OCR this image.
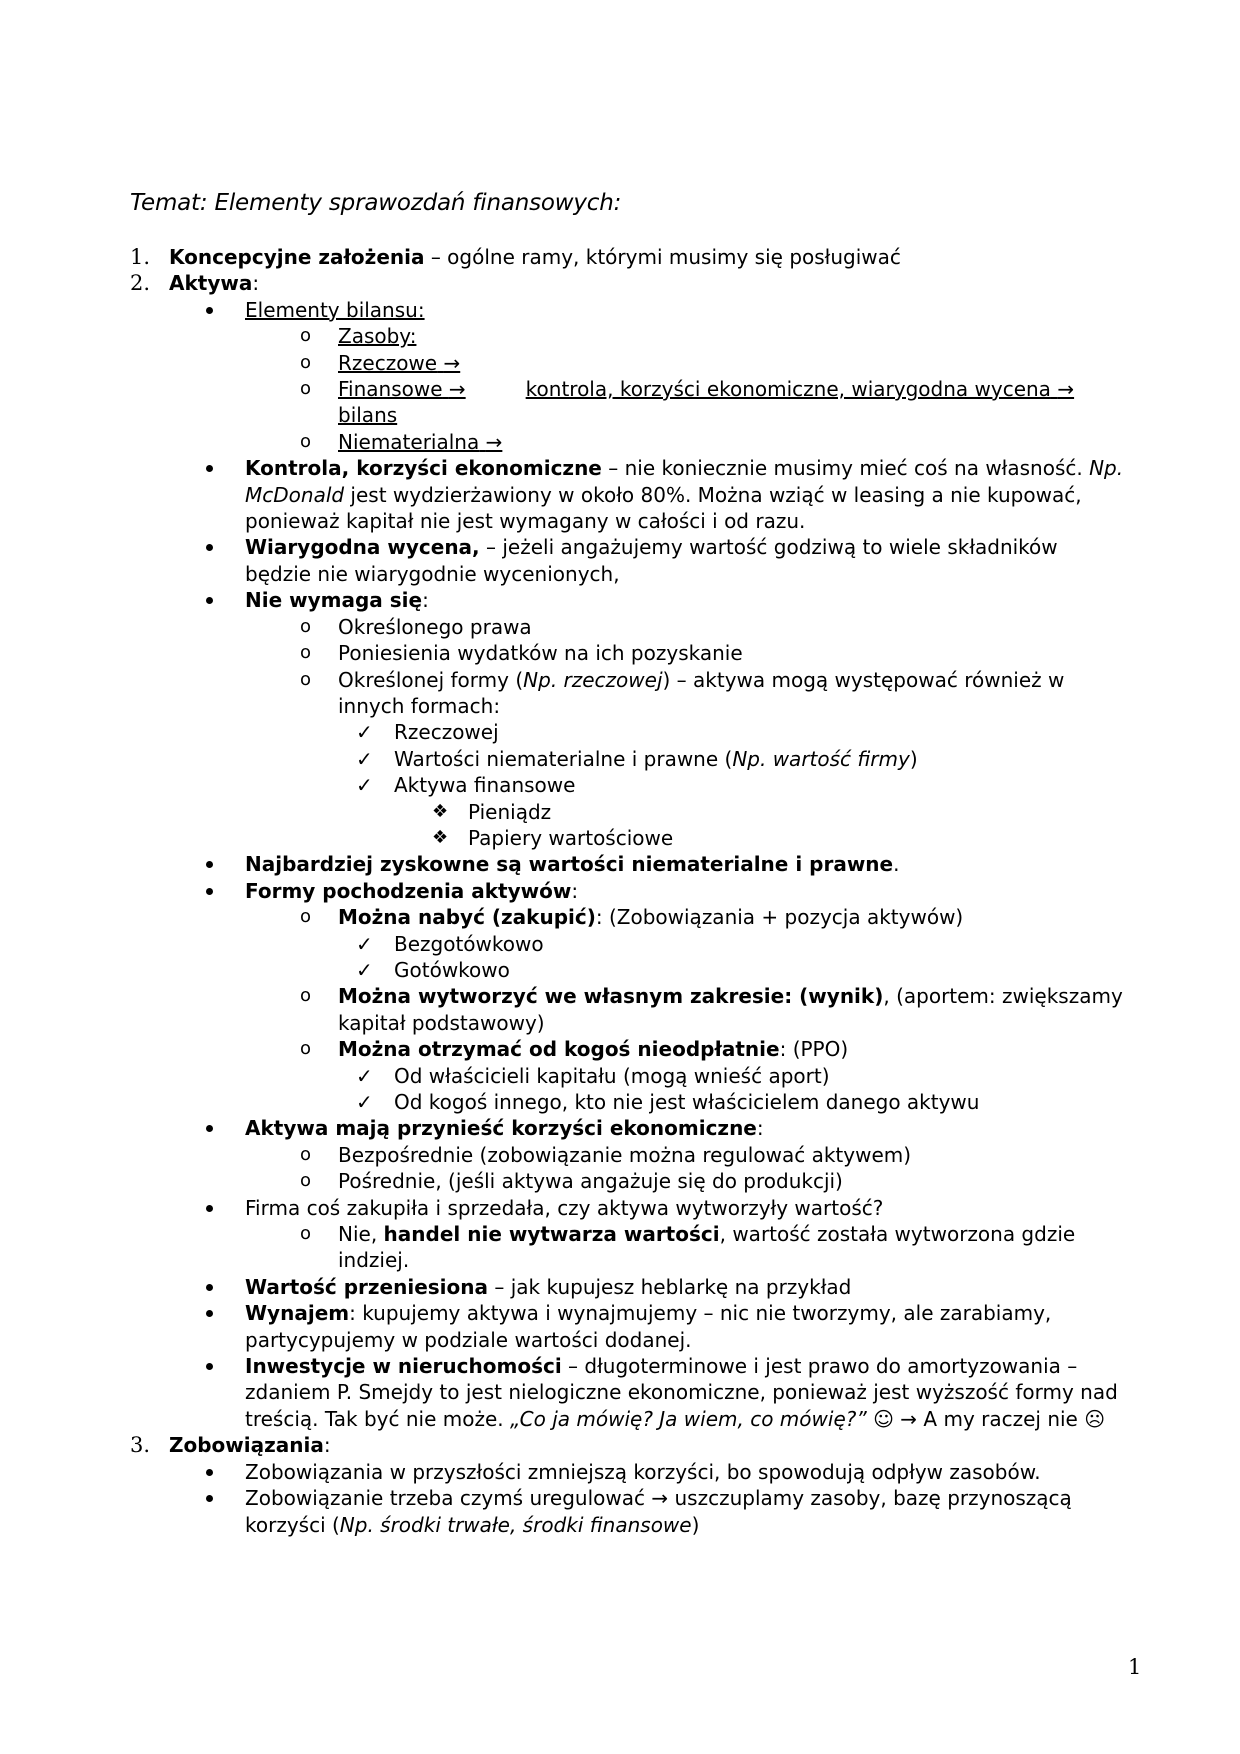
Temat: Elementy sprawozdań finansowych:
1. Koncepcyjne założenia – ogólne ramy, którymi musimy się posługiwać
2. Aktywa:
Elementy bilansu:
o Zasoby:
o Rzeczowe →
o Finansowe →	kontrola, korzyści ekonomiczne, wiarygodna wycena →
bilans
o Niematerialna →
Kontrola, korzyści ekonomiczne – nie koniecznie musimy mieć coś na własność. Np. McDonald jest wydzierżawiony w około 80%. Można wziąć w leasing a nie kupować, ponieważ kapitał nie jest wymagany w całości i od razu.
Wiarygodna wycena, – jeżeli angażujemy wartość godziwą to wiele składników będzie nie wiarygodnie wycenionych,
Nie wymaga się:
o Określonego prawa
o Poniesienia wydatków na ich pozyskanie
o Określonej formy (Np. rzeczowej) – aktywa mogą występować również w innych formach:
✓ Rzeczowej
✓ Wartości niematerialne i prawne (Np. wartość firmy)
✓ Aktywa finansowe
❖ Pieniądz
❖ Papiery wartościowe
Najbardziej zyskowne są wartości niematerialne i prawne.
Formy pochodzenia aktywów:
o Można nabyć (zakupić): (Zobowiązania + pozycja aktywów)
✓ Bezgotówkowo
✓ Gotówkowo
o Można wytworzyć we własnym zakresie: (wynik), (aportem: zwiększamy kapitał podstawowy)
o Można otrzymać od kogoś nieodpłatnie: (PPO)
✓ Od właścicieli kapitału (mogą wnieść aport)
✓ Od kogoś innego, kto nie jest właścicielem danego aktywu
Aktywa mają przynieść korzyści ekonomiczne:
o Bezpośrednie (zobowiązanie można regulować aktywem)
o Pośrednie, (jeśli aktywa angażuje się do produkcji)
Firma coś zakupiła i sprzedała, czy aktywa wytworzyły wartość?
o Nie, handel nie wytwarza wartości, wartość została wytworzona gdzie indziej.
Wartość przeniesiona – jak kupujesz heblarkę na przykład
Wynajem: kupujemy aktywa i wynajmujemy – nic nie tworzymy, ale zarabiamy, partycypujemy w podziale wartości dodanej.
Inwestycje w nieruchomości – długoterminowe i jest prawo do amortyzowania – zdaniem P. Smejdy to jest nielogiczne ekonomiczne, ponieważ jest wyższość formy nad treścią. Tak być nie może. „Co ja mówię? Ja wiem, co mówię?” ☺ → A my raczej nie ☹
3. Zobowiązania:
Zobowiązania w przyszłości zmniejszą korzyści, bo spowodują odpływ zasobów.
Zobowiązanie trzeba czymś uregulować → uszczuplamy zasoby, bazę przynoszącą korzyści (Np. środki trwałe, środki finansowe)
1
